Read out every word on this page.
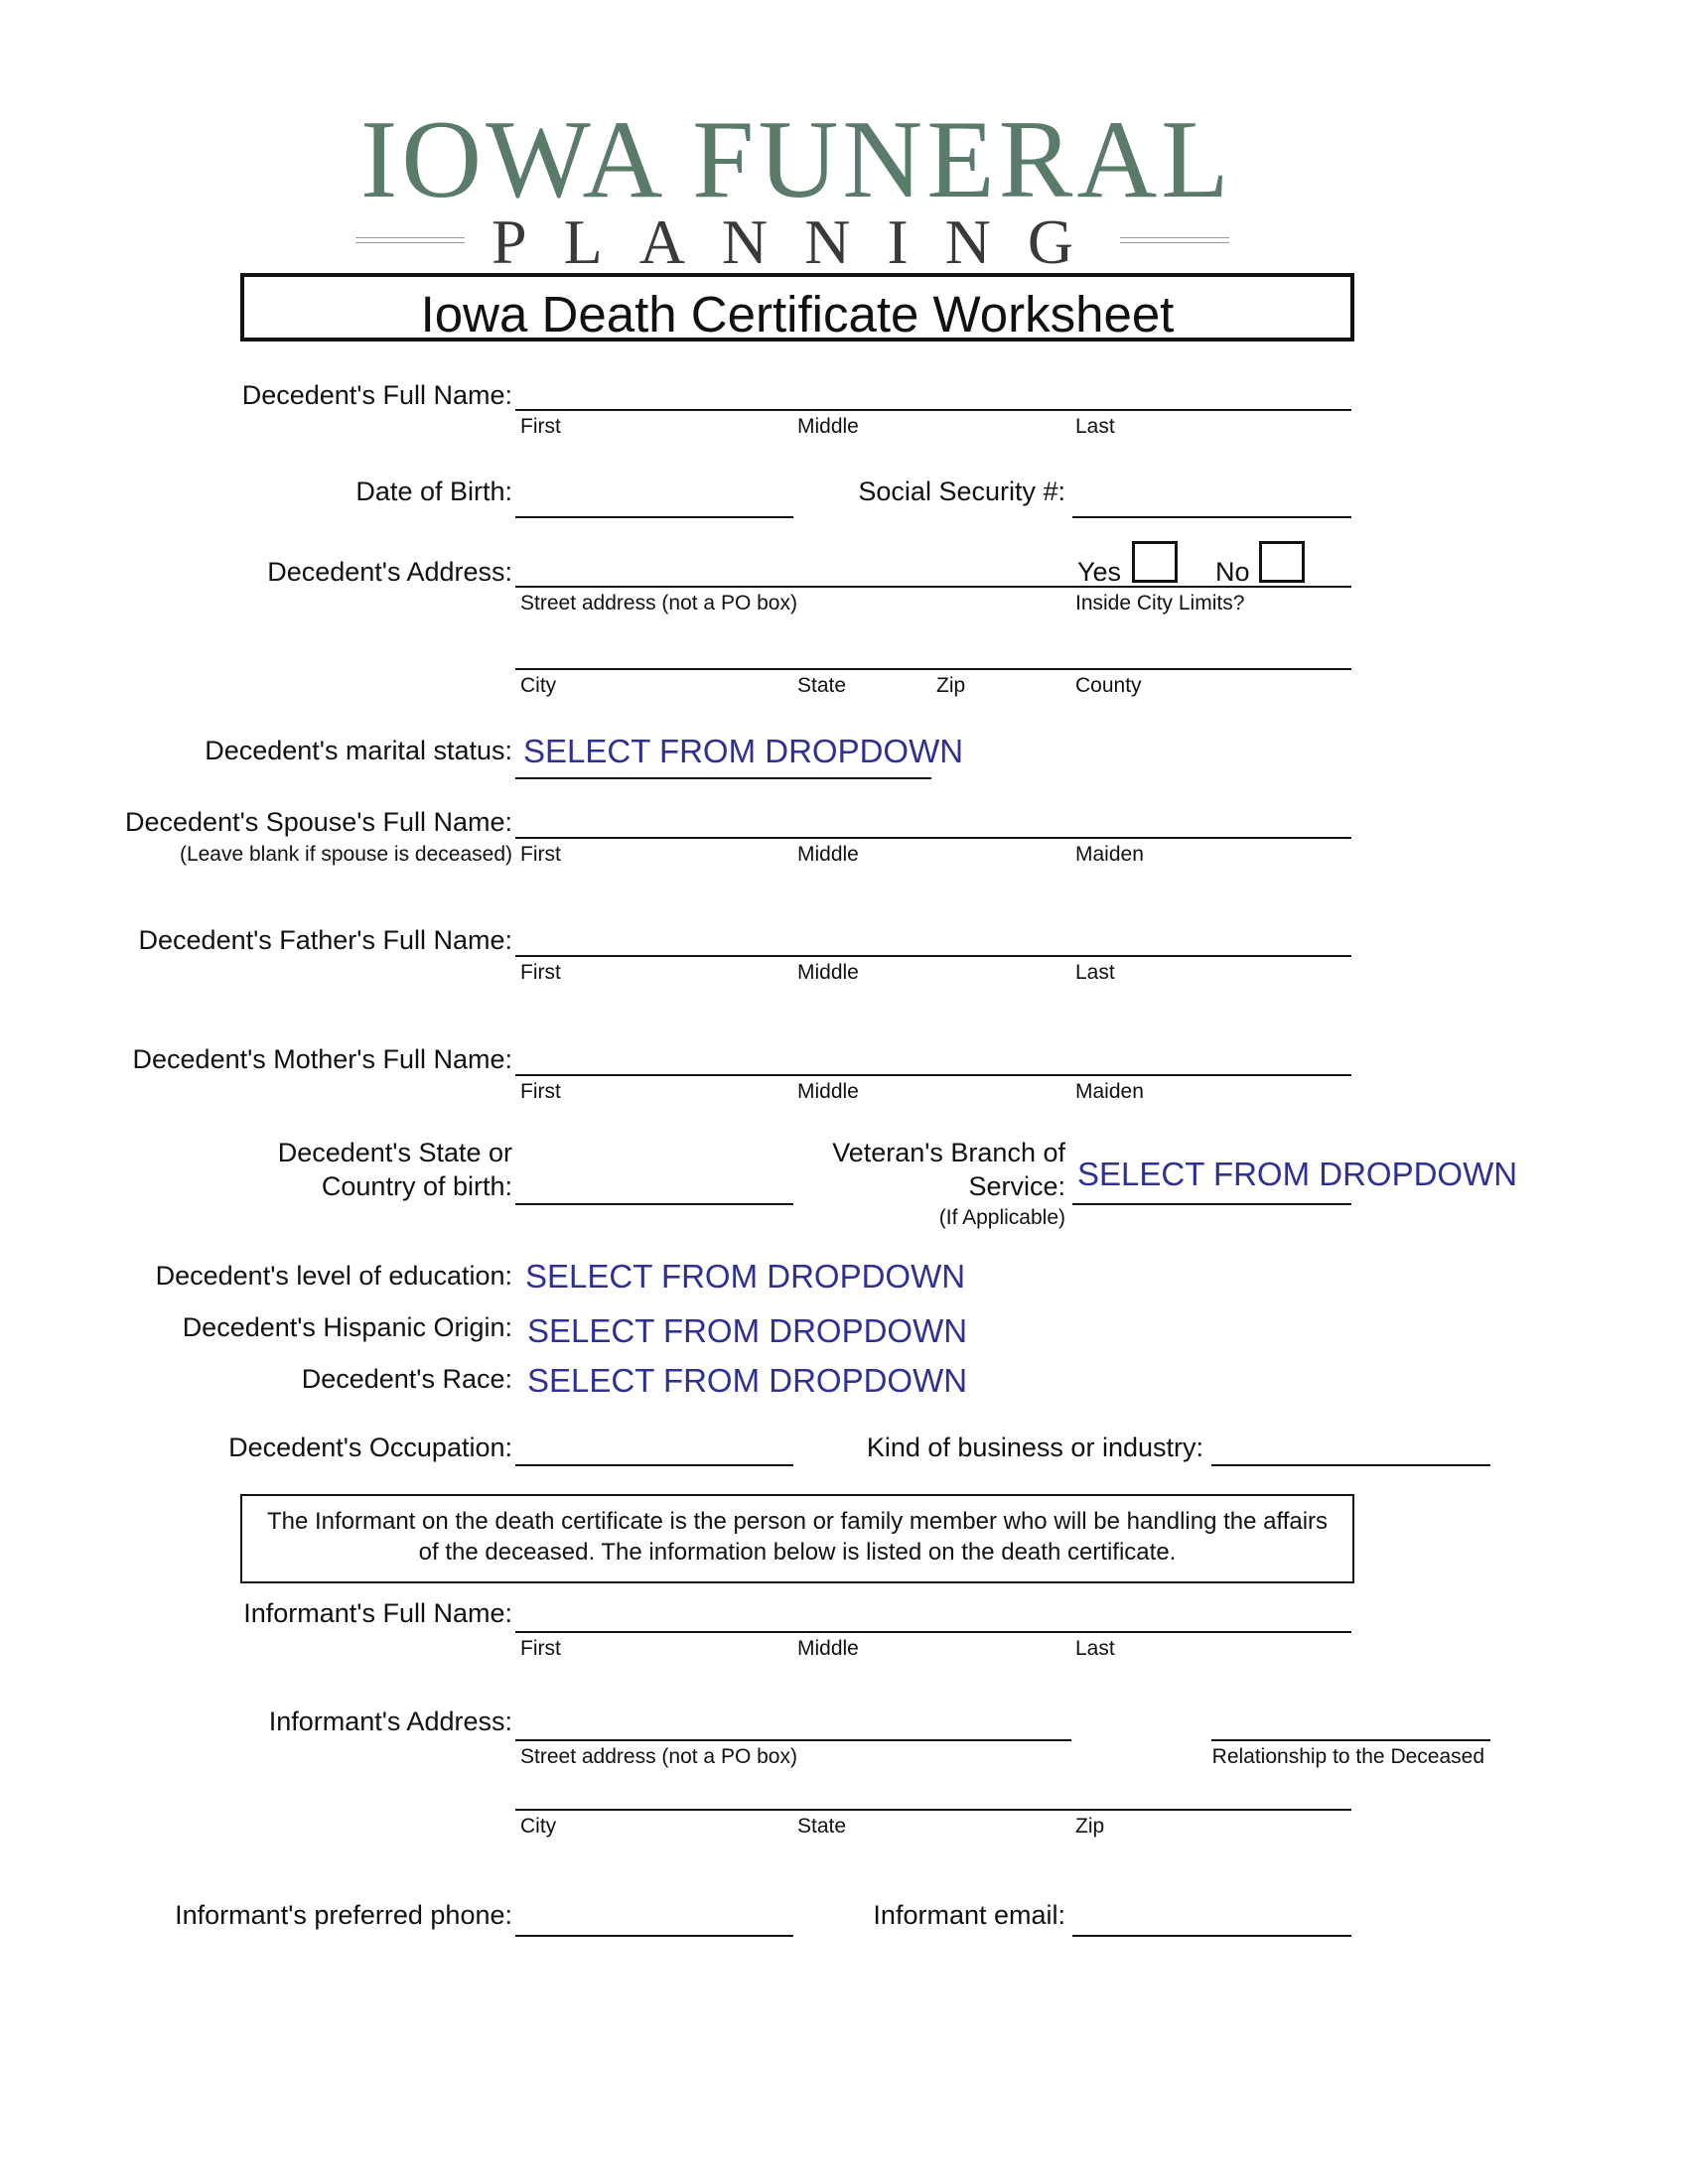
IOWA FUNERAL
PLANNING
Iowa Death Certificate Worksheet
Decedent's Full Name:
First	Middle	Last
Date of Birth:	Social Security #:
Decedent's Address:	Yes	No
Street address (not a PO box)	Inside City Limits?
City	State	Zip	County
Decedent's marital status: SELECT FROM DROPDOWN
Decedent's Spouse's Full Name:
(Leave blank if spouse is deceased) First	Middle	Maiden
Decedent's Father's Full Name:
First	Middle	Last
Decedent's Mother's Full Name:
First	Middle	Maiden
Decedent's State or
Country of birth:
Veteran's Branch of
Service:
(If Applicable)
SELECT FROM DROPDOWN
Decedent's level of education: SELECT FROM DROPDOWN
Decedent's Hispanic Origin: SELECT FROM DROPDOWN
Decedent's Race: SELECT FROM DROPDOWN
Decedent's Occupation:	Kind of business or industry:
The Informant on the death certificate is the person or family member who will be handling the affairs
of the deceased. The information below is listed on the death certificate.
Informant's Full Name:
First	Middle	Last
Informant's Address:
Street address (not a PO box)	Relationship to the Deceased
City	State	Zip
Informant's preferred phone:	Informant email:
